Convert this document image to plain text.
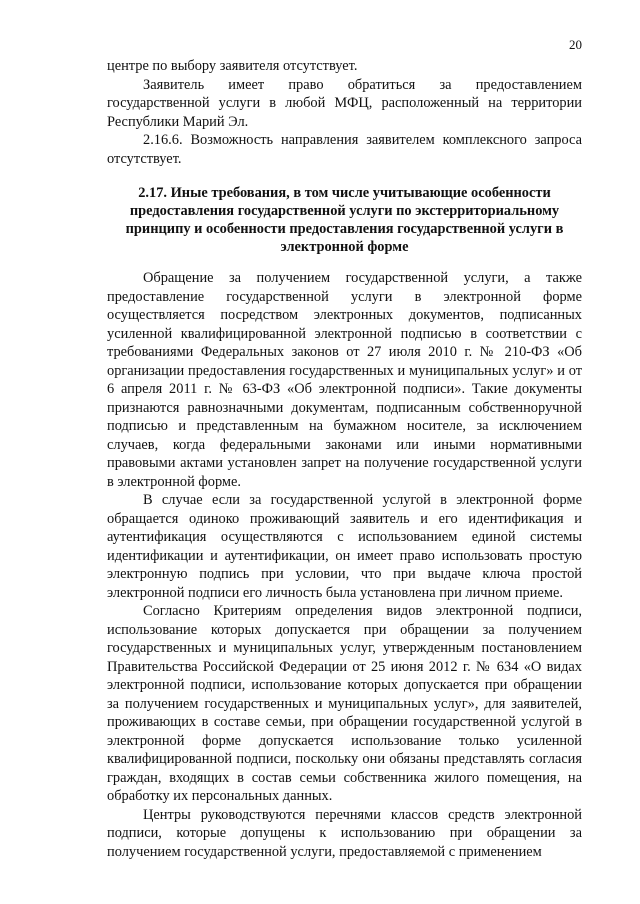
20

центре по выбору заявителя отсутствует.

Заявитель имеет право обратиться за предоставлением государственной услуги в любой МФЦ, расположенный на территории Республики Марий Эл.

2.16.6. Возможность направления заявителем комплексного запроса отсутствует.

2.17. Иные требования, в том числе учитывающие особенности предоставления государственной услуги по экстерриториальному принципу и особенности предоставления государственной услуги в электронной форме

Обращение за получением государственной услуги, а также предоставление государственной услуги в электронной форме осуществляется посредством электронных документов, подписанных усиленной квалифицированной электронной подписью в соответствии с требованиями Федеральных законов от 27 июля 2010 г. № 210-ФЗ «Об организации предоставления государственных и муниципальных услуг» и от 6 апреля 2011 г. № 63-ФЗ «Об электронной подписи». Такие документы признаются равнозначными документам, подписанным собственноручной подписью и представленным на бумажном носителе, за исключением случаев, когда федеральными законами или иными нормативными правовыми актами установлен запрет на получение государственной услуги в электронной форме.

В случае если за государственной услугой в электронной форме обращается одиноко проживающий заявитель и его идентификация и аутентификация осуществляются с использованием единой системы идентификации и аутентификации, он имеет право использовать простую электронную подпись при условии, что при выдаче ключа простой электронной подписи его личность была установлена при личном приеме.

Согласно Критериям определения видов электронной подписи, использование которых допускается при обращении за получением государственных и муниципальных услуг, утвержденным постановлением Правительства Российской Федерации от 25 июня 2012 г. № 634 «О видах электронной подписи, использование которых допускается при обращении за получением государственных и муниципальных услуг», для заявителей, проживающих в составе семьи, при обращении государственной услугой в электронной форме допускается использование только усиленной квалифицированной подписи, поскольку они обязаны представлять согласия граждан, входящих в состав семьи собственника жилого помещения, на обработку их персональных данных.

Центры руководствуются перечнями классов средств электронной подписи, которые допущены к использованию при обращении за получением государственной услуги, предоставляемой с применением
